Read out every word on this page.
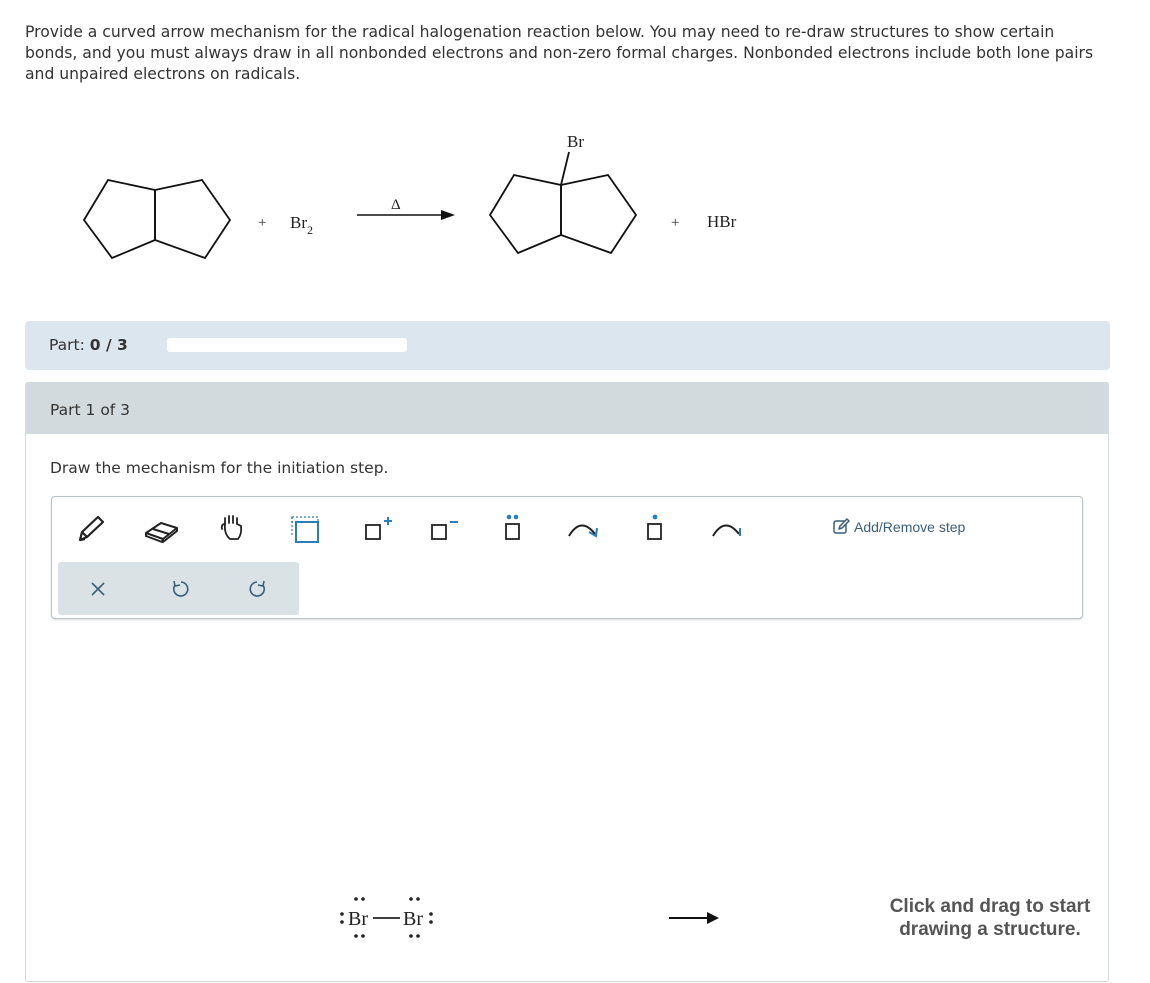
Provide a curved arrow mechanism for the radical halogenation reaction below. You may need to re-draw structures to show certain bonds, and you must always draw in all nonbonded electrons and non-zero formal charges. Nonbonded electrons include both lone pairs and unpaired electrons on radicals.

+ $Br_2$
Δ
Br
+ HBr
Part: 0 / 3
Part 1 of 3
Draw the mechanism for the initiation step.
Add/Remove step
Br Br
Click and drag to start drawing a structure.
